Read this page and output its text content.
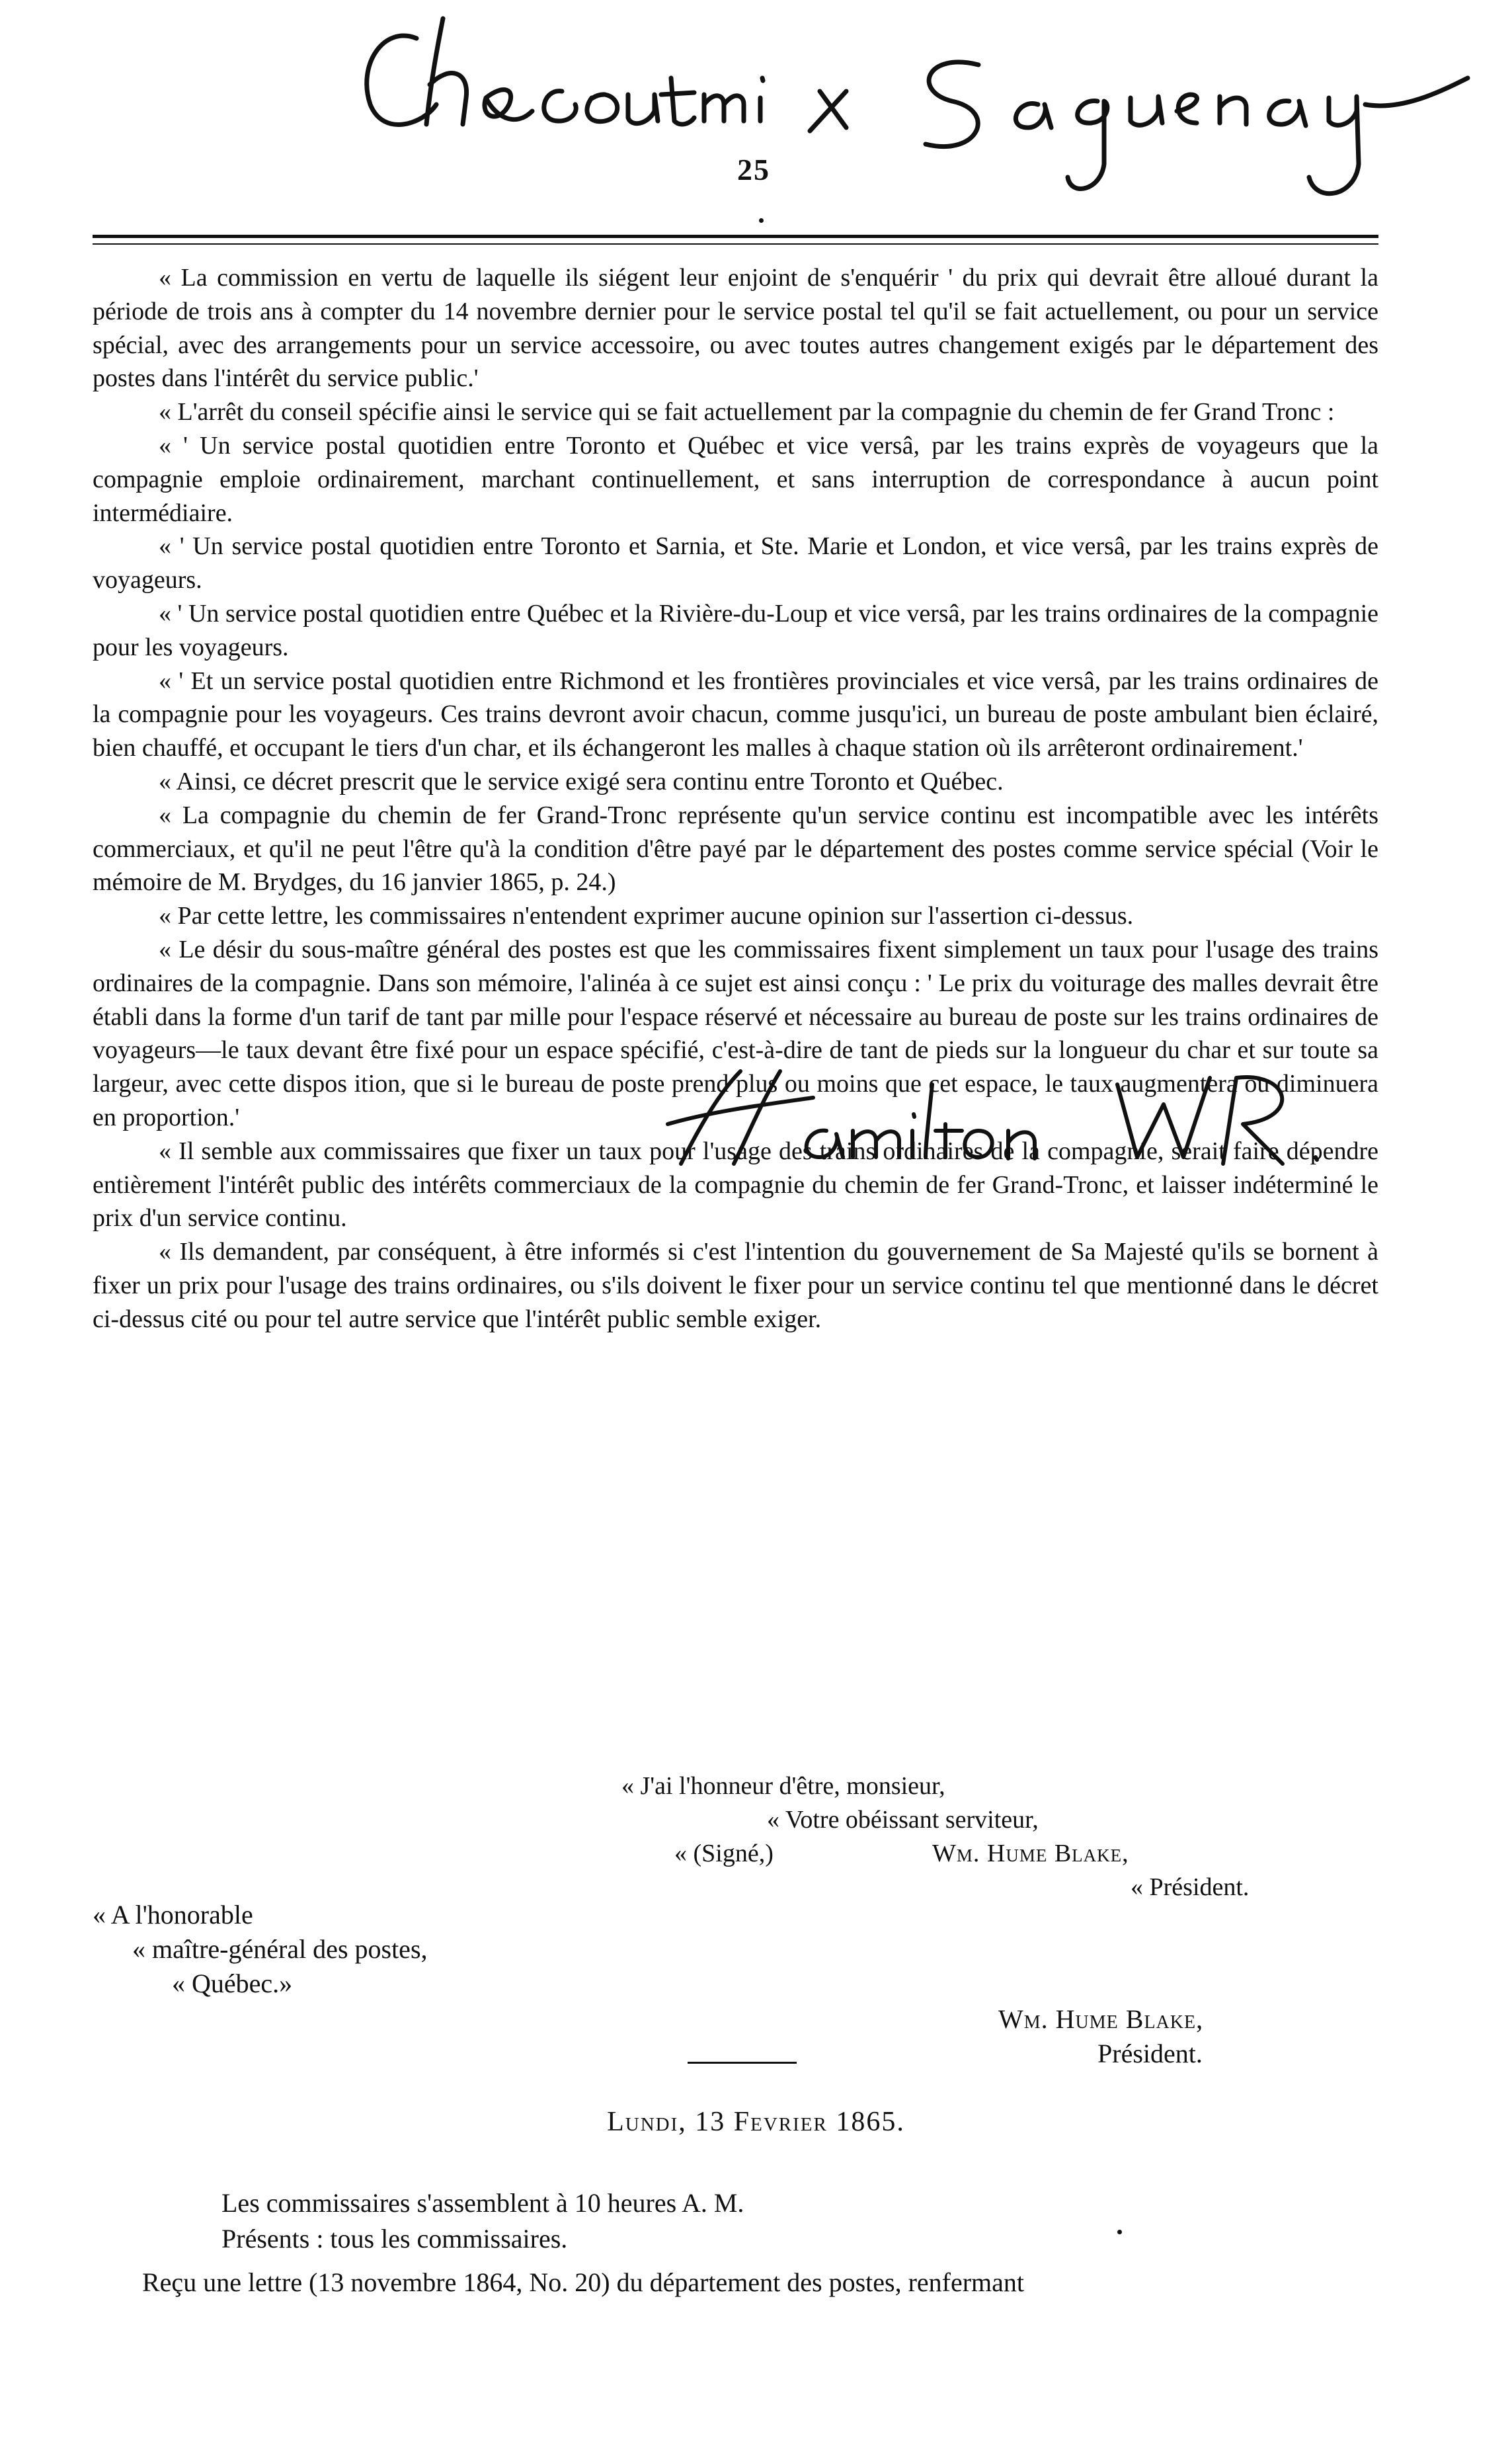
25

« La commission en vertu de laquelle ils siégent leur enjoint de s'enquérir ' du prix qui devrait être alloué durant la période de trois ans à compter du 14 novembre dernier pour le service postal tel qu'il se fait actuellement, ou pour un service spécial, avec des arrangements pour un service accessoire, ou avec toutes autres changement exigés par le département des postes dans l'intérêt du service public.'

« L'arrêt du conseil spécifie ainsi le service qui se fait actuellement par la compagnie du chemin de fer Grand Tronc :

« ' Un service postal quotidien entre Toronto et Québec et vice versâ, par les trains exprès de voyageurs que la compagnie emploie ordinairement, marchant continuellement, et sans interruption de correspondance à aucun point intermédiaire.

« ' Un service postal quotidien entre Toronto et Sarnia, et Ste. Marie et London, et vice versâ, par les trains exprès de voyageurs.

« ' Un service postal quotidien entre Québec et la Rivière-du-Loup et vice versâ, par les trains ordinaires de la compagnie pour les voyageurs.

« ' Et un service postal quotidien entre Richmond et les frontières provinciales et vice versâ, par les trains ordinaires de la compagnie pour les voyageurs. Ces trains devront avoir chacun, comme jusqu'ici, un bureau de poste ambulant bien éclairé, bien chauffé, et occupant le tiers d'un char, et ils échangeront les malles à chaque station où ils arrêteront ordinairement.'

« Ainsi, ce décret prescrit que le service exigé sera continu entre Toronto et Québec.

« La compagnie du chemin de fer Grand-Tronc représente qu'un service continu est incompatible avec les intérêts commerciaux, et qu'il ne peut l'être qu'à la condition d'être payé par le département des postes comme service spécial (Voir le mémoire de M. Brydges, du 16 janvier 1865, p. 24.)

« Par cette lettre, les commissaires n'entendent exprimer aucune opinion sur l'assertion ci-dessus.

« Le désir du sous-maître général des postes est que les commissaires fixent simplement un taux pour l'usage des trains ordinaires de la compagnie. Dans son mémoire, l'alinéa à ce sujet est ainsi conçu : ' Le prix du voiturage des malles devrait être établi dans la forme d'un tarif de tant par mille pour l'espace réservé et nécessaire au bureau de poste sur les trains ordinaires de voyageurs—le taux devant être fixé pour un espace spécifié, c'est-à-dire de tant de pieds sur la longueur du char et sur toute sa largeur, avec cette dispos ition, que si le bureau de poste prend plus ou moins que cet espace, le taux augmentera ou diminuera en proportion.'

« Il semble aux commissaires que fixer un taux pour l'usage des trains ordinaires de la compagnie, serait faire dépendre entièrement l'intérêt public des intérêts commerciaux de la compagnie du chemin de fer Grand-Tronc, et laisser indéterminé le prix d'un service continu.

« Ils demandent, par conséquent, à être informés si c'est l'intention du gouvernement de Sa Majesté qu'ils se bornent à fixer un prix pour l'usage des trains ordinaires, ou s'ils doivent le fixer pour un service continu tel que mentionné dans le décret ci-dessus cité ou pour tel autre service que l'intérêt public semble exiger.

« J'ai l'honneur d'être, monsieur,
« Votre obéissant serviteur,
« (Signé,)	Wm. Hume Blake,
« Président.
« A l'honorable
« maître-général des postes,
« Québec.»
Wm. Hume Blake,
Président.
Lundi, 13 Fevrier 1865.
Les commissaires s'assemblent à 10 heures A. M.
Présents : tous les commissaires.
Reçu une lettre (13 novembre 1864, No. 20) du département des postes, renfermant
